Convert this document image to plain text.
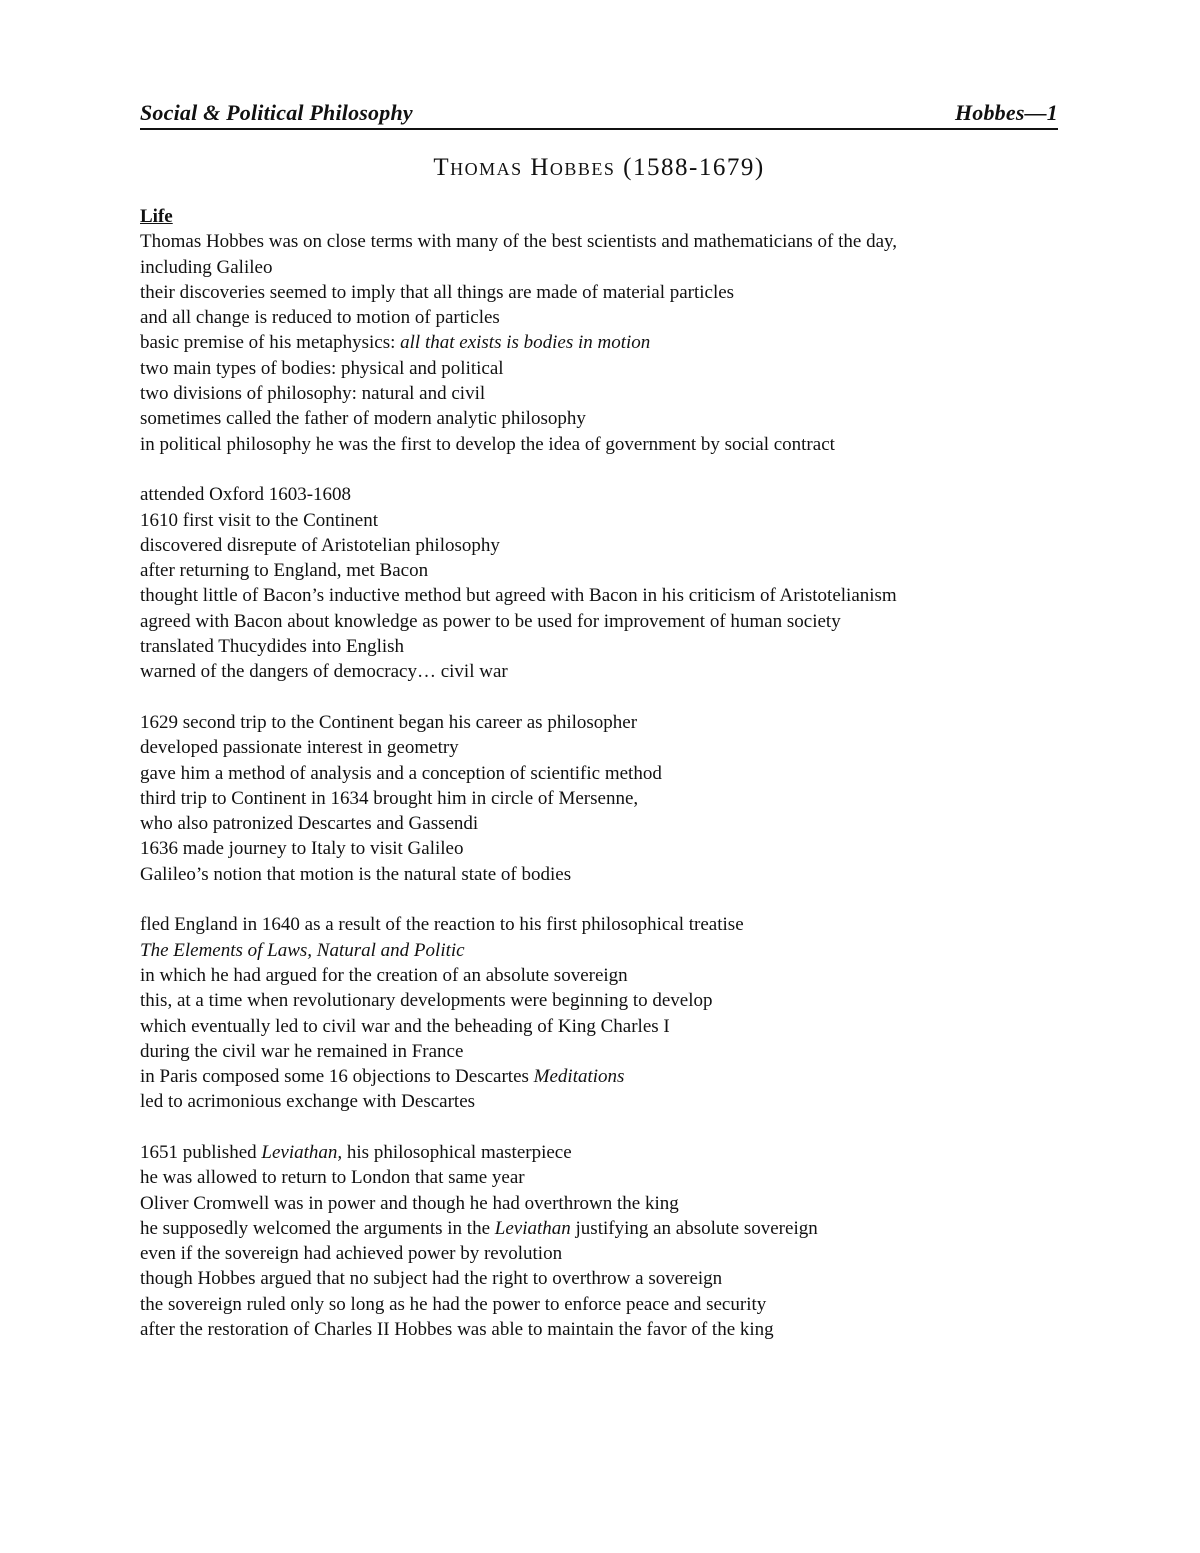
Social & Political Philosophy	Hobbes—1
Thomas Hobbes (1588-1679)
Life
Thomas Hobbes was on close terms with many of the best scientists and mathematicians of the day,
including Galileo
their discoveries seemed to imply that all things are made of material particles
and all change is reduced to motion of particles
basic premise of his metaphysics: all that exists is bodies in motion
two main types of bodies: physical and political
two divisions of philosophy: natural and civil
sometimes called the father of modern analytic philosophy
in political philosophy he was the first to develop the idea of government by social contract
attended Oxford 1603-1608
1610 first visit to the Continent
discovered disrepute of Aristotelian philosophy
after returning to England, met Bacon
thought little of Bacon’s inductive method but agreed with Bacon in his criticism of Aristotelianism
agreed with Bacon about knowledge as power to be used for improvement of human society
translated Thucydides into English
warned of the dangers of democracy… civil war
1629 second trip to the Continent began his career as philosopher
developed passionate interest in geometry
gave him a method of analysis and a conception of scientific method
third trip to Continent in 1634 brought him in circle of Mersenne,
who also patronized Descartes and Gassendi
1636 made journey to Italy to visit Galileo
Galileo’s notion that motion is the natural state of bodies
fled England in 1640 as a result of the reaction to his first philosophical treatise
The Elements of Laws, Natural and Politic
in which he had argued for the creation of an absolute sovereign
this, at a time when revolutionary developments were beginning to develop
which eventually led to civil war and the beheading of King Charles I
during the civil war he remained in France
in Paris composed some 16 objections to Descartes Meditations
led to acrimonious exchange with Descartes
1651 published Leviathan, his philosophical masterpiece
he was allowed to return to London that same year
Oliver Cromwell was in power and though he had overthrown the king
he supposedly welcomed the arguments in the Leviathan justifying an absolute sovereign
even if the sovereign had achieved power by revolution
though Hobbes argued that no subject had the right to overthrow a sovereign
the sovereign ruled only so long as he had the power to enforce peace and security
after the restoration of Charles II Hobbes was able to maintain the favor of the king
